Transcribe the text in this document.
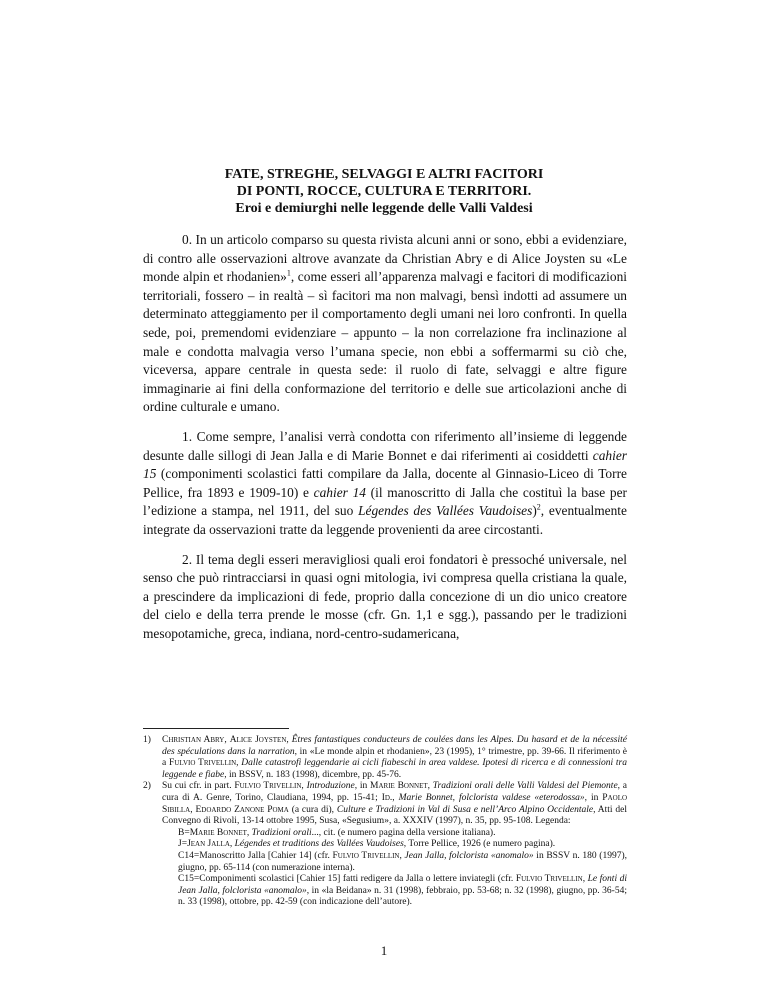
FATE, STREGHE, SELVAGGI E ALTRI FACITORI
DI PONTI, ROCCE, CULTURA E TERRITORI.
Eroi e demiurghi nelle leggende delle Valli Valdesi

0. In un articolo comparso su questa rivista alcuni anni or sono, ebbi a evidenziare, di contro alle osservazioni altrove avanzate da Christian Abry e di Alice Joysten su «Le monde alpin et rhodanien»$^1$, come esseri all’apparenza malvagi e facitori di modificazioni territoriali, fossero – in realtà – sì facitori ma non malvagi, bensì indotti ad assumere un determinato atteggiamento per il comportamento degli umani nei loro confronti. In quella sede, poi, premendomi evidenziare – appunto – la non correlazione fra inclinazione al male e condotta malvagia verso l’umana specie, non ebbi a soffermarmi su ciò che, viceversa, appare centrale in questa sede: il ruolo di fate, selvaggi e altre figure immaginarie ai fini della conformazione del territorio e delle sue articolazioni anche di ordine culturale e umano.

1. Come sempre, l’analisi verrà condotta con riferimento all’insieme di leggende desunte dalle sillogi di Jean Jalla e di Marie Bonnet e dai riferimenti ai cosiddetti cahier 15 (componimenti scolastici fatti compilare da Jalla, docente al Ginnasio-Liceo di Torre Pellice, fra 1893 e 1909-10) e cahier 14 (il manoscritto di Jalla che costituì la base per l’edizione a stampa, nel 1911, del suo Légendes des Vallées Vaudoises)$^2$, eventualmente integrate da osservazioni tratte da leggende provenienti da aree circostanti.

2. Il tema degli esseri meravigliosi quali eroi fondatori è pressoché universale, nel senso che può rintracciarsi in quasi ogni mitologia, ivi compresa quella cristiana la quale, a prescindere da implicazioni di fede, proprio dalla concezione di un dio unico creatore del cielo e della terra prende le mosse (cfr. Gn. 1,1 e sgg.), passando per le tradizioni mesopotamiche, greca, indiana, nord-centro-sudamericana,

1) Christian Abry, Alice Joysten, Êtres fantastiques conducteurs de coulées dans les Alpes. Du hasard et de la nécessité des spéculations dans la narration, in «Le monde alpin et rhodanien», 23 (1995), 1° trimestre, pp. 39-66. Il riferimento è a Fulvio Trivellin, Dalle catastrofi leggendarie ai cicli fiabeschi in area valdese. Ipotesi di ricerca e di connessioni tra leggende e fiabe, in BSSV, n. 183 (1998), dicembre, pp. 45-76.
2) Su cui cfr. in part. Fulvio Trivellin, Introduzione, in Marie Bonnet, Tradizioni orali delle Valli Valdesi del Piemonte, a cura di A. Genre, Torino, Claudiana, 1994, pp. 15-41; Id., Marie Bonnet, folclorista valdese «eterodossa», in Paolo Sibilla, Edoardo Zanone Poma (a cura di), Culture e Tradizioni in Val di Susa e nell’Arco Alpino Occidentale, Atti del Convegno di Rivoli, 13-14 ottobre 1995, Susa, «Segusium», a. XXXIV (1997), n. 35, pp. 95-108. Legenda:
B=Marie Bonnet, Tradizioni orali..., cit. (e numero pagina della versione italiana).
J=Jean Jalla, Légendes et traditions des Vallées Vaudoises, Torre Pellice, 1926 (e numero pagina).
C14=Manoscritto Jalla [Cahier 14] (cfr. Fulvio Trivellin, Jean Jalla, folclorista «anomalo» in BSSV n. 180 (1997), giugno, pp. 65-114 (con numerazione interna).
C15=Componimenti scolastici [Cahier 15] fatti redigere da Jalla o lettere inviategli (cfr. Fulvio Trivellin, Le fonti di Jean Jalla, folclorista «anomalo», in «la Beidana» n. 31 (1998), febbraio, pp. 53-68; n. 32 (1998), giugno, pp. 36-54; n. 33 (1998), ottobre, pp. 42-59 (con indicazione dell’autore).
1
